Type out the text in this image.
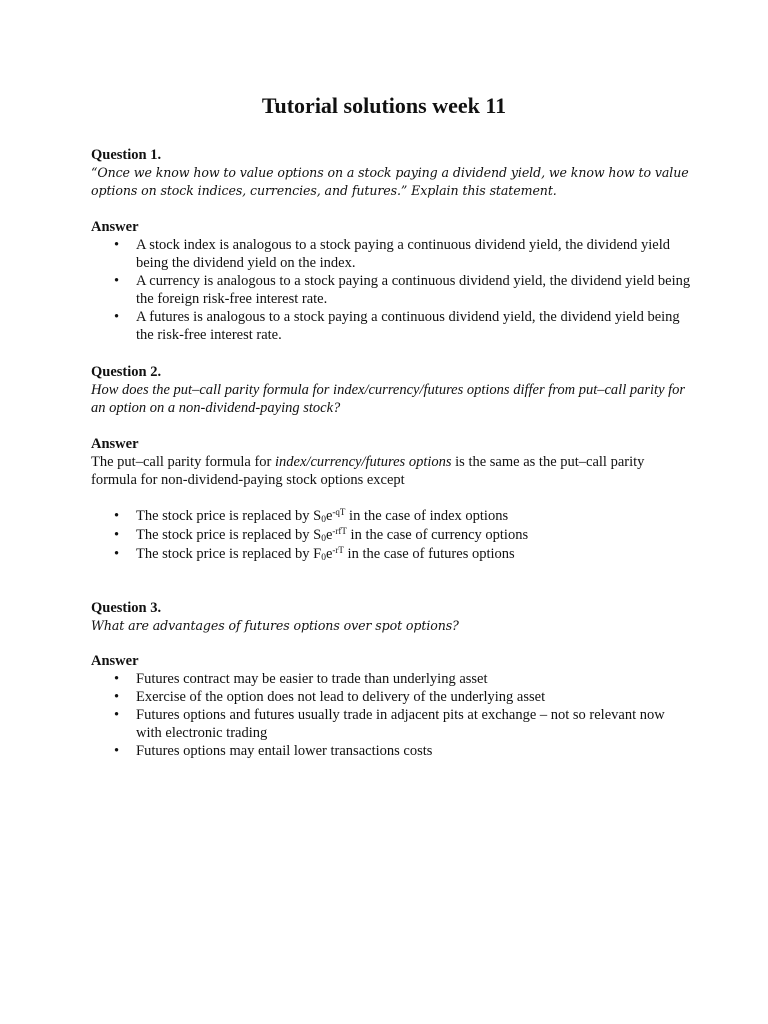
Tutorial solutions week 11

Question 1.

“Once we know how to value options on a stock paying a dividend yield, we know how to value options on stock indices, currencies, and futures.” Explain this statement.

Answer

• A stock index is analogous to a stock paying a continuous dividend yield, the dividend yield being the dividend yield on the index.
• A currency is analogous to a stock paying a continuous dividend yield, the dividend yield being the foreign risk-free interest rate.
• A futures is analogous to a stock paying a continuous dividend yield, the dividend yield being the risk-free interest rate.

Question 2.

How does the put–call parity formula for index/currency/futures options differ from put–call parity for an option on a non-dividend-paying stock?

Answer

The put–call parity formula for index/currency/futures options is the same as the put–call parity formula for non-dividend-paying stock options except

• The stock price is replaced by $S_0e^{-qT}$ in the case of index options
• The stock price is replaced by $S_0e^{-rfT}$ in the case of currency options
• The stock price is replaced by $F_0e^{-rT}$ in the case of futures options

Question 3.

What are advantages of futures options over spot options?

Answer

• Futures contract may be easier to trade than underlying asset
• Exercise of the option does not lead to delivery of the underlying asset
• Futures options and futures usually trade in adjacent pits at exchange – not so relevant now with electronic trading
• Futures options may entail lower transactions costs
